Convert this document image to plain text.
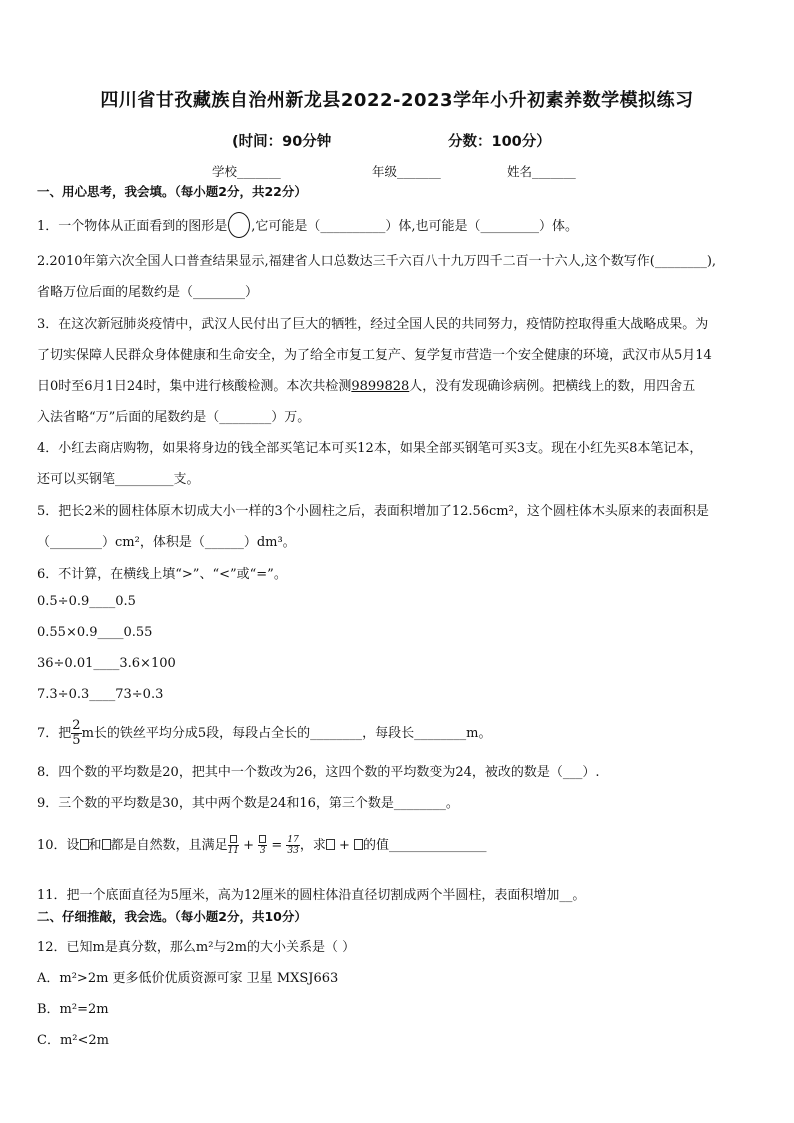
四川省甘孜藏族自治州新龙县2022-2023学年小升初素养数学模拟练习
(时间：90分钟	分数：100分）
学校_______	年级_______	姓名_______
一、用心思考，我会填。（每小题2分，共22分）
1．一个物体从正面看到的图形是 ,它可能是（__________）体,也可能是（_________）体。
2.2010年第六次全国人口普查结果显示,福建省人口总数达三千六百八十九万四千二百一十六人,这个数写作(________),
省略万位后面的尾数约是（________）
3．在这次新冠肺炎疫情中，武汉人民付出了巨大的牺牲，经过全国人民的共同努力，疫情防控取得重大战略成果。为
了切实保障人民群众身体健康和生命安全，为了给全市复工复产、复学复市营造一个安全健康的环境，武汉市从5月14
日0时至6月1日24时，集中进行核酸检测。本次共检测9899828人，没有发现确诊病例。把横线上的数，用四舍五
入法省略“万”后面的尾数约是（________）万。
4．小红去商店购物，如果将身边的钱全部买笔记本可买12本，如果全部买钢笔可买3支。现在小红先买8本笔记本，
还可以买钢笔_________支。
5．把长2米的圆柱体原木切成大小一样的3个小圆柱之后，表面积增加了12.56cm²，这个圆柱体木头原来的表面积是
（________）cm²，体积是（______）dm³。
6．不计算，在横线上填“>”、“<”或“=”。
0.5÷0.9____0.5
0.55×0.9____0.55
36÷0.01____3.6×100
7.3÷0.3____73÷0.3
7．把 $\frac{2}{5}$ m长的铁丝平均分成5段，每段占全长的________，每段长________m。
8．四个数的平均数是20，把其中一个数改为26，这四个数的平均数变为24，被改的数是（___）.
9．三个数的平均数是30，其中两个数是24和16，第三个数是________。
10．设 和 都是自然数，且满足 $11 + 3 = \frac{17}{33}$ ，求 + 的值_______________
11．把一个底面直径为5厘米，高为12厘米的圆柱体沿直径切割成两个半圆柱，表面积增加__。
二、仔细推敲，我会选。（每小题2分，共10分）
12．已知m是真分数，那么m²与2m的大小关系是（ ）
A．m²>2m 更多低价优质资源可家 卫星 MXSJ663
B．m²=2m
C．m²<2m
